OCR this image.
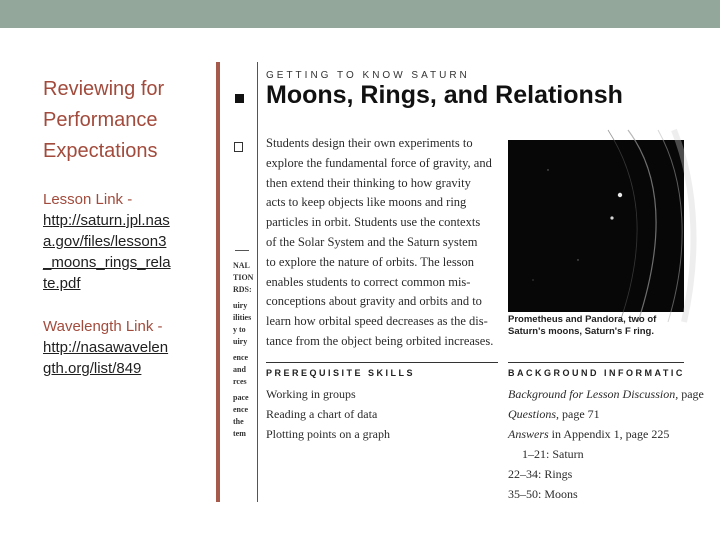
Reviewing for
Performance
Expectations
Lesson Link -
http://saturn.jpl.nas
a.gov/files/lesson3
_moons_rings_rela
te.pdf
Wavelength Link -
http://nasawavelen
gth.org/list/849
NAL
TION
RDS:
uiry
ilities
y to
uiry
ence
and
rces
pace
ence
the
tem
GETTING TO KNOW SATURN
Moons, Rings, and Relationsh
Students design their own experiments to
explore the fundamental force of gravity, and
then extend their thinking to how gravity
acts to keep objects like moons and ring
particles in orbit. Students use the contexts
of the Solar System and the Saturn system
to explore the nature of orbits. The lesson
enables students to correct common mis-
conceptions about gravity and orbits and to
learn how orbital speed decreases as the dis-
tance from the object being orbited increases.
Prometheus and Pandora, two of Saturn's moons, Saturn's F ring.
PREREQUISITE SKILLS
Working in groups
Reading a chart of data
Plotting points on a graph
BACKGROUND INFORMATIC
Background for Lesson Discussion, page
Questions, page 71
Answers in Appendix 1, page 225
1–21: Saturn
22–34: Rings
35–50: Moons
